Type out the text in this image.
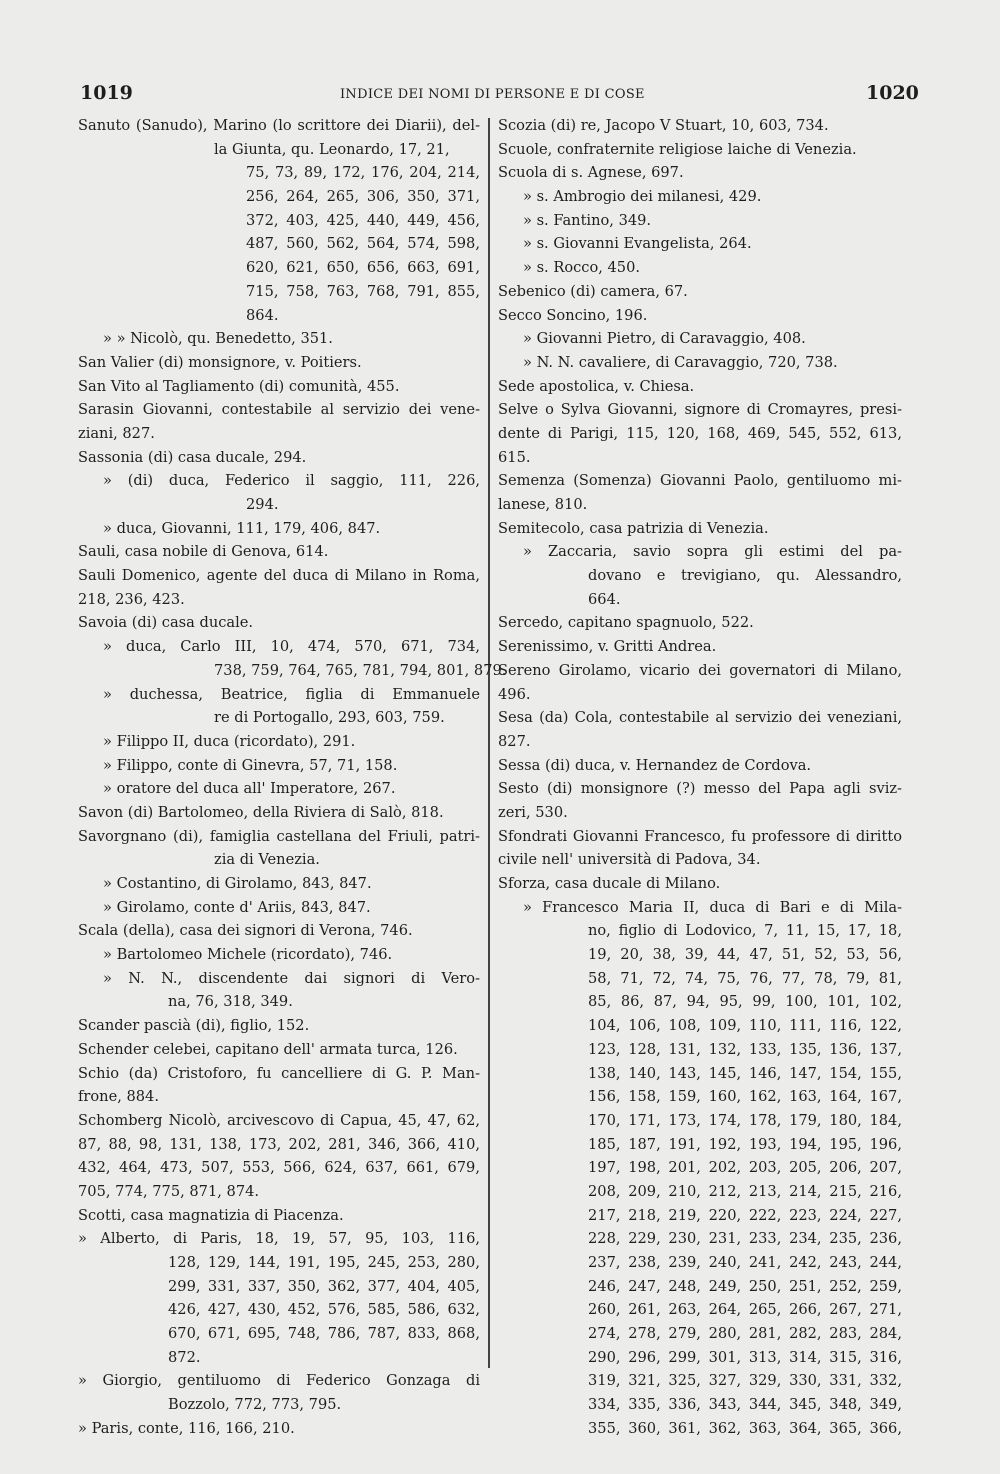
1019	INDICE DEI NOMI DI PERSONE E DI COSE	1020
Sanuto (Sanudo), Marino (lo scrittore dei Diarii), del-
la Giunta, qu. Leonardo, 17, 21,
75, 73, 89, 172, 176, 204, 214,
256, 264, 265, 306, 350, 371,
372, 403, 425, 440, 449, 456,
487, 560, 562, 564, 574, 598,
620, 621, 650, 656, 663, 691,
715, 758, 763, 768, 791, 855,
864.
» » Nicolò, qu. Benedetto, 351.
San Valier (di) monsignore, v. Poitiers.
San Vito al Tagliamento (di) comunità, 455.
Sarasin Giovanni, contestabile al servizio dei vene-
ziani, 827.
Sassonia (di) casa ducale, 294.
» (di) duca, Federico il saggio, 111, 226,
294.
» duca, Giovanni, 111, 179, 406, 847.
Sauli, casa nobile di Genova, 614.
Sauli Domenico, agente del duca di Milano in Roma,
218, 236, 423.
Savoia (di) casa ducale.
» duca, Carlo III, 10, 474, 570, 671, 734,
738, 759, 764, 765, 781, 794, 801, 879.
» duchessa, Beatrice, figlia di Emmanuele
re di Portogallo, 293, 603, 759.
» Filippo II, duca (ricordato), 291.
» Filippo, conte di Ginevra, 57, 71, 158.
» oratore del duca all' Imperatore, 267.
Savon (di) Bartolomeo, della Riviera di Salò, 818.
Savorgnano (di), famiglia castellana del Friuli, patri-
zia di Venezia.
» Costantino, di Girolamo, 843, 847.
» Girolamo, conte d' Ariis, 843, 847.
Scala (della), casa dei signori di Verona, 746.
» Bartolomeo Michele (ricordato), 746.
» N. N., discendente dai signori di Vero-
na, 76, 318, 349.
Scander pascià (di), figlio, 152.
Schender celebei, capitano dell' armata turca, 126.
Schio (da) Cristoforo, fu cancelliere di G. P. Man-
frone, 884.
Schomberg Nicolò, arcivescovo di Capua, 45, 47, 62,
87, 88, 98, 131, 138, 173, 202, 281, 346, 366, 410,
432, 464, 473, 507, 553, 566, 624, 637, 661, 679,
705, 774, 775, 871, 874.
Scotti, casa magnatizia di Piacenza.
» Alberto, di Paris, 18, 19, 57, 95, 103, 116,
128, 129, 144, 191, 195, 245, 253, 280,
299, 331, 337, 350, 362, 377, 404, 405,
426, 427, 430, 452, 576, 585, 586, 632,
670, 671, 695, 748, 786, 787, 833, 868,
872.
» Giorgio, gentiluomo di Federico Gonzaga di
Bozzolo, 772, 773, 795.
» Paris, conte, 116, 166, 210.
Scozia (di) re, Jacopo V Stuart, 10, 603, 734.
Scuole, confraternite religiose laiche di Venezia.
Scuola di s. Agnese, 697.
» s. Ambrogio dei milanesi, 429.
» s. Fantino, 349.
» s. Giovanni Evangelista, 264.
» s. Rocco, 450.
Sebenico (di) camera, 67.
Secco Soncino, 196.
» Giovanni Pietro, di Caravaggio, 408.
» N. N. cavaliere, di Caravaggio, 720, 738.
Sede apostolica, v. Chiesa.
Selve o Sylva Giovanni, signore di Cromayres, presi-
dente di Parigi, 115, 120, 168, 469, 545, 552, 613,
615.
Semenza (Somenza) Giovanni Paolo, gentiluomo mi-
lanese, 810.
Semitecolo, casa patrizia di Venezia.
» Zaccaria, savio sopra gli estimi del pa-
dovano e trevigiano, qu. Alessandro,
664.
Sercedo, capitano spagnuolo, 522.
Serenissimo, v. Gritti Andrea.
Sereno Girolamo, vicario dei governatori di Milano,
496.
Sesa (da) Cola, contestabile al servizio dei veneziani,
827.
Sessa (di) duca, v. Hernandez de Cordova.
Sesto (di) monsignore (?) messo del Papa agli sviz-
zeri, 530.
Sfondrati Giovanni Francesco, fu professore di diritto
civile nell' università di Padova, 34.
Sforza, casa ducale di Milano.
» Francesco Maria II, duca di Bari e di Mila-
no, figlio di Lodovico, 7, 11, 15, 17, 18,
19, 20, 38, 39, 44, 47, 51, 52, 53, 56,
58, 71, 72, 74, 75, 76, 77, 78, 79, 81,
85, 86, 87, 94, 95, 99, 100, 101, 102,
104, 106, 108, 109, 110, 111, 116, 122,
123, 128, 131, 132, 133, 135, 136, 137,
138, 140, 143, 145, 146, 147, 154, 155,
156, 158, 159, 160, 162, 163, 164, 167,
170, 171, 173, 174, 178, 179, 180, 184,
185, 187, 191, 192, 193, 194, 195, 196,
197, 198, 201, 202, 203, 205, 206, 207,
208, 209, 210, 212, 213, 214, 215, 216,
217, 218, 219, 220, 222, 223, 224, 227,
228, 229, 230, 231, 233, 234, 235, 236,
237, 238, 239, 240, 241, 242, 243, 244,
246, 247, 248, 249, 250, 251, 252, 259,
260, 261, 263, 264, 265, 266, 267, 271,
274, 278, 279, 280, 281, 282, 283, 284,
290, 296, 299, 301, 313, 314, 315, 316,
319, 321, 325, 327, 329, 330, 331, 332,
334, 335, 336, 343, 344, 345, 348, 349,
355, 360, 361, 362, 363, 364, 365, 366,
